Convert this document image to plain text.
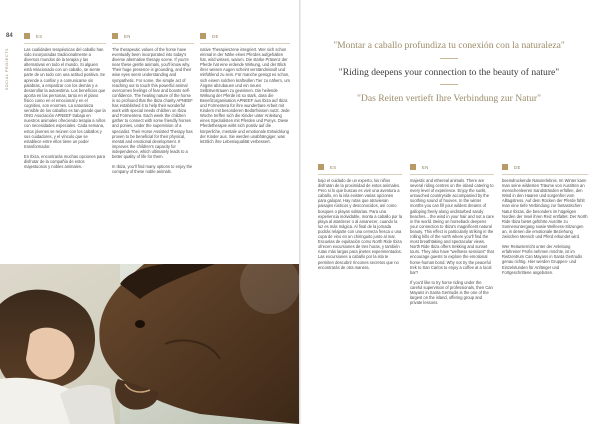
84
SOCIAL PROJECTS
ES

Las cualidades terapéuticas del caballo han sido incorporadas tradicionalmente a diversos mundos de la terapia y las alternativas en todo el mundo. Si alguien está relacionado con un caballo, se siente parte de un todo con una actitud positiva. Se aprende a confiar y a comunicarse sin palabras, a empatizar con los demás y a desarrollar la autoestima. Los beneficios que aporta en las personas, tanto en el plano físico como en el emocional y en el cognitivo, son enormes. La naturaleza sensible de los caballos es tan grande que la ONG Asociación APNEEF trabaja en nuestros animales ofreciendo terapia a niños con necesidades especiales. Cada semana, estos jóvenes se reúnen con los caballos y sus cuidadores, y el vínculo que se establece entre ellos tiene un poder transformador.

En Ibiza, encontrarás muchas opciones para disfrutar de la compañía de estos majestuosos y nobles animales.

EN

The therapeutic values of the horse have eventually been incorporated into today's diverse alternative therapy scene. If you're near these gentle animals, you'll know why. Their huge presence is grounding, and their wise eyes seem understanding and sympathetic. For some, the simple act of reaching out to touch this powerful animal overcomes feelings of fear and boosts self-confidence. The healing nature of the horse is so profound that the Ibiza charity APNEEF has established it to help their wonderful work with special needs children on Ibiza and Formentera. Each week the children gather to connect with some friendly horses and ponies, under the supervision of a specialist. Their Horse Assisted Therapy has proven to be beneficial for their physical, mental and emotional development. It improves the children's capacity for independence, which ultimately leads to a better quality of life for them.

In Ibiza, you'll find many options to enjoy the company of these noble animals.

DE

native Therapieszene integriert. Wer sich schon einmal in der Nähe eines Pferdes aufgehalten hat, wird wissen, warum. Die starke Präsenz der Pferde hat eine erdende Wirkung, und der Blick ihrer weisen Augen scheint verständnisvoll und mitfühlend zu sein. Für manche genügt es schon, sich einem solchen kraftvollen Tier zu nähern, um Ängste abzubauen und ein neues Selbstvertrauen zu gewinnen. Die heilende Wirkung der Pferde ist so stark, dass die Benefizorganisation APNEEF aus Ibiza auf Ibiza und Formentera für ihre wunderbare Arbeit mit Kindern mit besonderen Bedürfnissen nutzt. Jede Woche treffen sich die Kinder unter Anleitung eines Spezialisten mit Pferden und Ponys. Diese Pferdetherapie wirkt sich positiv auf die körperliche, mentale und emotionale Entwicklung der Kinder aus. Sie werden unabhängiger, was letztlich ihre Lebensqualität verbessert.

"Montar a caballo profundiza tu conexión con la naturaleza"

"Riding deepens your connection to the beauty of nature"

"Das Reiten vertieft Ihre Verbindung zur Natur"

ES

bajo el cuidado de un experto, los niños disfrutan de la proximidad de estos animales. Pero si lo que buscas es vivir una aventura a caballo, en la isla existen varias opciones para galopar. Hay rutas que atraviesan paisajes rústicos y desconocidos, así como bosques o playas solitarias. Para una experiencia inolvidable, monta a caballo por la playa al atardecer o al amanecer, cuando la luz es más mágica. Al final de la jornada podrás relajarte con una cerveza fresca o una copa de vino en un chiringuito junto al mar. Escuelas de equitación como North Ride Ibiza ofrecen excursiones de tres horas, y también rutas más largas para jinetes experimentados. Las excursiones a caballo por la isla te permiten descubrir rincones secretos que no encontrarás de otra manera.

EN

majestic and ethereal animals. There are several riding centres on the island catering to every level of experience. Enjoy the sunlit, untouched countryside accompanied by the soothing sound of hooves. In the winter months you can fill your wildest dreams of galloping freely along undisturbed sandy beaches... the wind in your hair and not a care in the world. Being on horseback deepens your connection to Ibiza's magnificent natural beauty. This effect is particularly striking in the rolling hills of the north where you'll find the most breathtaking and spectacular views. North Ride Ibiza offers trekking and sunset tours. They also have "wellness sessions" that encourage guests to explore the emotional horse-human bond. Why not try the peaceful trek to San Carlos to enjoy a coffee at a local bar?

If you'd like to try horse riding under the careful supervision of professionals, then Can Mayans in Santa Gertrudis is the one of the largest on the island, offering group and private lessons.

DE

beeindruckende Naturerlebnis. Im Winter kann man seine wildesten Träume von Ausritten an menschenleeren Sandstränden erfüllen, den Wind in den Haaren und sorgenfrei vom Alltagstress. Auf dem Rücken der Pferde fühlt man eine tiefe Verbindung zur fantastischen Natur Ibizas, die besonders im hügeligen Norden der Insel ihren Reiz entfaltet. Der North Ride Ibiza bietet geführte Ausritte zu Sonnenuntergang sowie Wellness-Sitzungen an, in denen die emotionale Beziehung zwischen Mensch und Pferd erkundet wird.

Wer Reitunterricht unter der Anleitung erfahrener Profis nehmen möchte, ist im Reitzentrum Can Mayans in Santa Gertrudis genau richtig. Hier werden Gruppen- und Einzelstunden für Anfänger und Fortgeschrittene angeboten.
